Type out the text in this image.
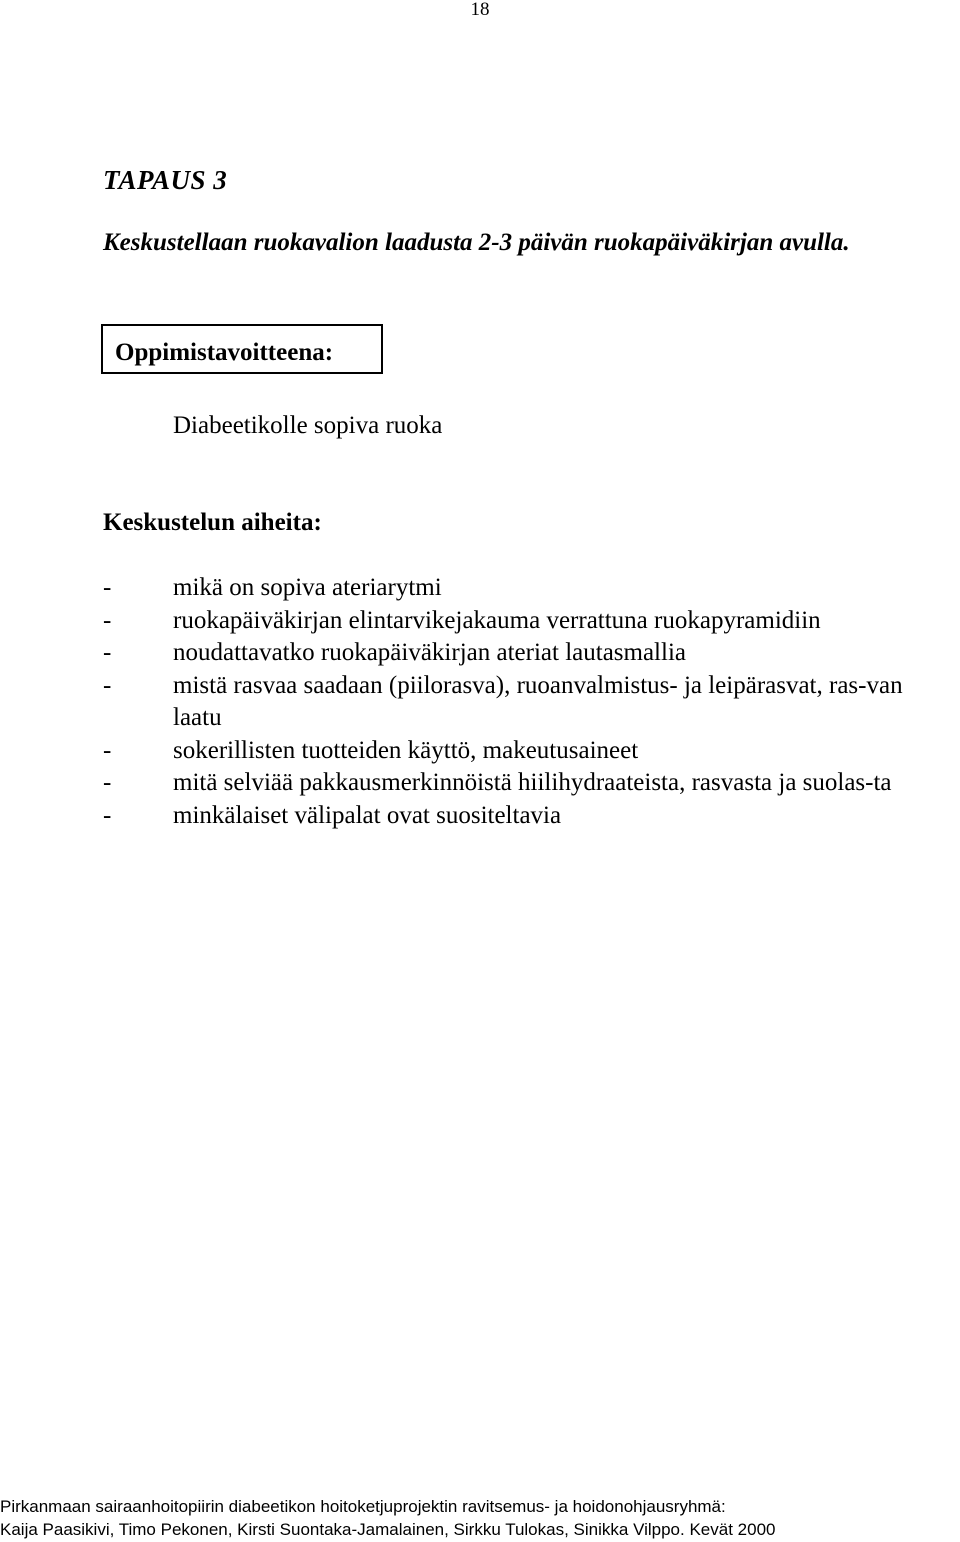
18
TAPAUS 3
Keskustellaan ruokavalion laadusta 2-3 päivän ruokapäiväkirjan avulla.
Oppimistavoitteena:
Diabeetikolle sopiva ruoka
Keskustelun aiheita:
- mikä on sopiva ateriarytmi
- ruokapäiväkirjan elintarvikejakauma verrattuna ruokapyramidiin
- noudattavatko ruokapäiväkirjan ateriat lautasmallia
- mistä rasvaa saadaan (piilorasva), ruoanvalmistus- ja leipärasvat, ras-van laatu
- sokerillisten tuotteiden käyttö, makeutusaineet
- mitä selviää pakkausmerkinnöistä hiilihydraateista, rasvasta ja suolas-ta
- minkälaiset välipalat ovat suositeltavia
Pirkanmaan sairaanhoitopiirin diabeetikon hoitoketjuprojektin ravitsemus- ja hoidonohjausryhmä:
Kaija Paasikivi, Timo Pekonen, Kirsti Suontaka-Jamalainen, Sirkku Tulokas, Sinikka Vilppo. Kevät 2000
